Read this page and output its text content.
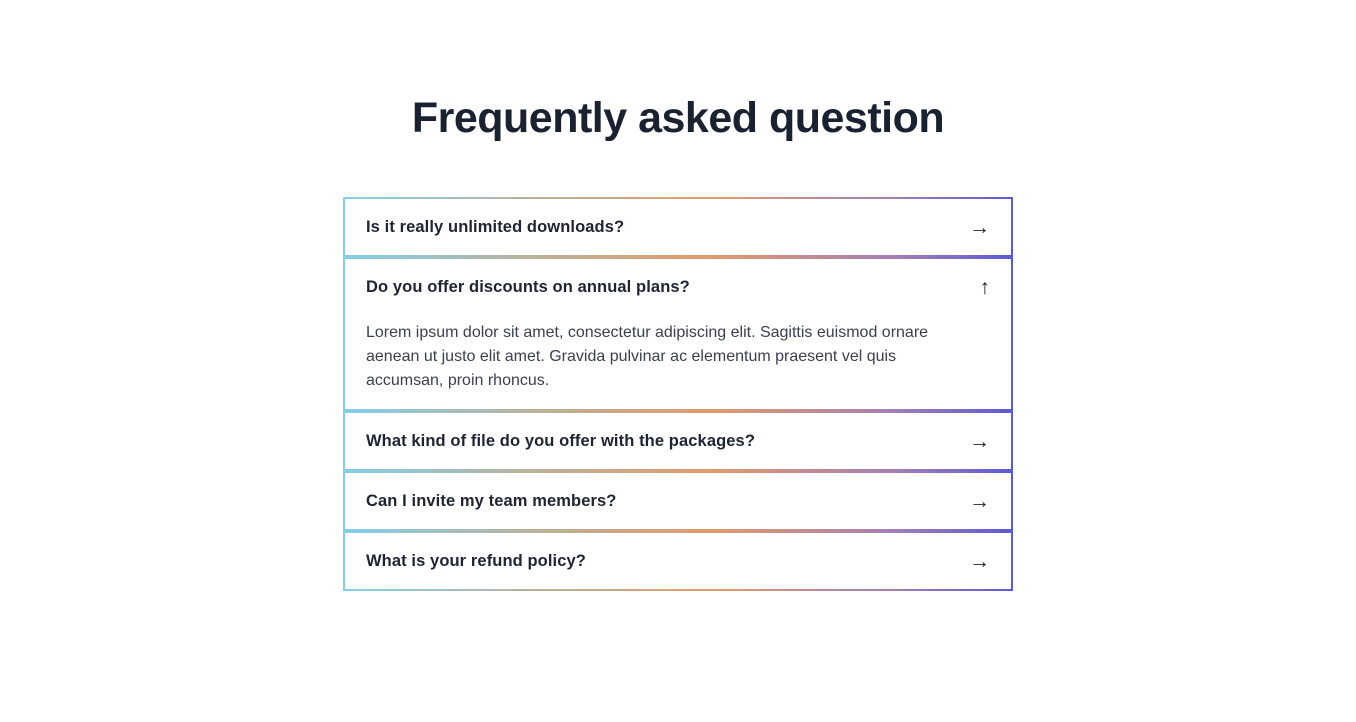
Frequently asked question
Is it really unlimited downloads?	→
Do you offer discounts on annual plans?	↑

Lorem ipsum dolor sit amet, consectetur adipiscing elit. Sagittis euismod ornare aenean ut justo elit amet. Gravida pulvinar ac elementum praesent vel quis accumsan, proin rhoncus.

What kind of file do you offer with the packages?	→
Can I invite my team members?	→
What is your refund policy?	→
